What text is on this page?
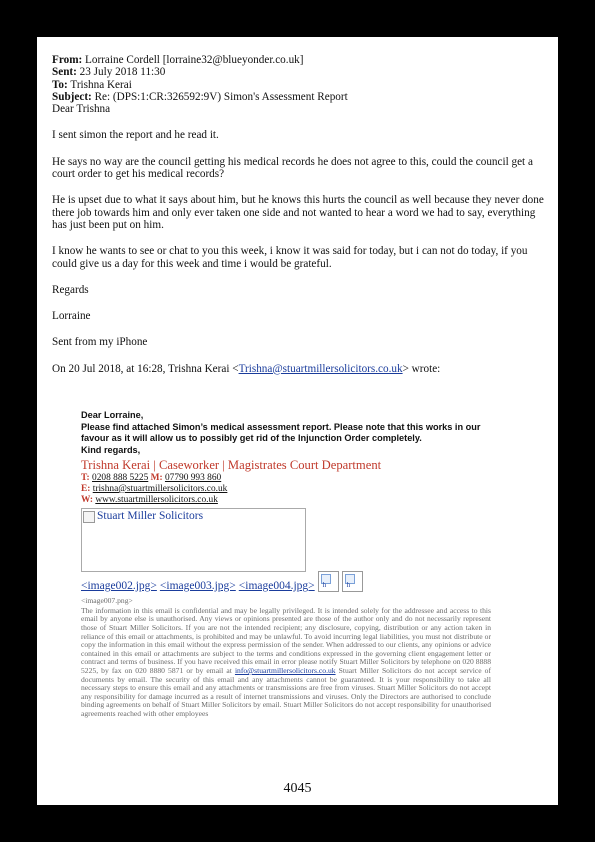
From: Lorraine Cordell [lorraine32@blueyonder.co.uk]
Sent: 23 July 2018 11:30
To: Trishna Kerai
Subject: Re: (DPS:1:CR:326592:9V) Simon's Assessment Report
Dear Trishna

I sent simon the report and he read it.

He says no way are the council getting his medical records he does not agree to this, could the council get a court order to get his medical records?

He is upset due to what it says about him, but he knows this hurts the council as well because they never done there job towards him and only ever taken one side and not wanted to hear a word we had to say, everything has just been put on him.

I know he wants to see or chat to you this week, i know it was said for today, but i can not do today, if you could give us a day for this week and time i would be grateful.

Regards

Lorraine

Sent from my iPhone

On 20 Jul 2018, at 16:28, Trishna Kerai <Trishna@stuartmillersolicitors.co.uk> wrote:

Dear Lorraine,
Please find attached Simon’s medical assessment report. Please note that this works in our
favour as it will allow us to possibly get rid of the Injunction Order completely.
Kind regards,
Trishna Kerai | Caseworker | Magistrates Court Department
T: 0208 888 5225 M: 07790 993 860
E: trishna@stuartmillersolicitors.co.uk
W: www.stuartmillersolicitors.co.uk
Stuart Miller Solicitors
<image002.jpg> <image003.jpg> <image004.jpg> h	h
<image007.png>
The information in this email is confidential and may be legally privileged. It is intended solely for the addressee and access to this email by anyone else is unauthorised. Any views or opinions presented are those of the author only and do not necessarily represent those of Stuart Miller Solicitors. If you are not the intended recipient; any disclosure, copying, distribution or any action taken in reliance of this email or attachments, is prohibited and may be unlawful. To avoid incurring legal liabilities, you must not distribute or copy the information in this email without the express permission of the sender. When addressed to our clients, any opinions or advice contained in this email or attachments are subject to the terms and conditions expressed in the governing client engagement letter or contract and terms of business. If you have received this email in error please notify Stuart Miller Solicitors by telephone on 020 8888 5225, by fax on 020 8880 5871 or by email at info@stuartmillersolicitors.co.uk Stuart Miller Solicitors do not accept service of documents by email. The security of this email and any attachments cannot be guaranteed. It is your responsibility to take all necessary steps to ensure this email and any attachments or transmissions are free from viruses. Stuart Miller Solicitors do not accept any responsibility for damage incurred as a result of internet transmissions and viruses. Only the Directors are authorised to conclude binding agreements on behalf of Stuart Miller Solicitors by email. Stuart Miller Solicitors do not accept responsibility for unauthorised agreements reached with other employees
4045
